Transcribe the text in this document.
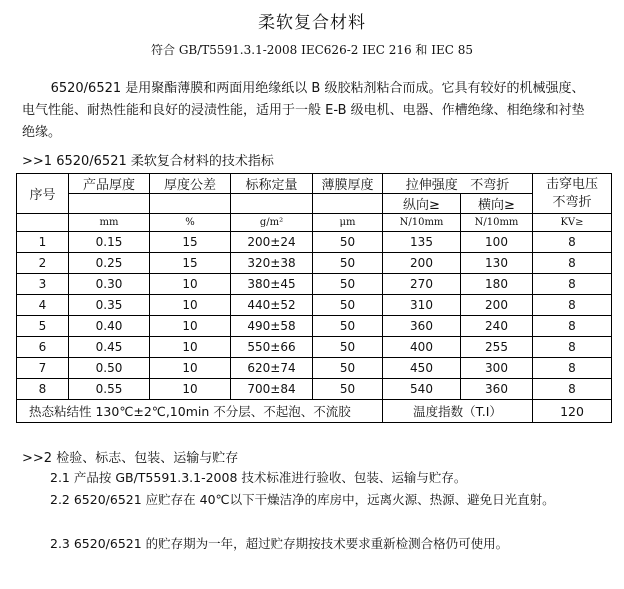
柔软复合材料
符合 GB/T5591.3.1-2008 IEC626-2 IEC 216 和 IEC 85
6520/6521 是用聚酯薄膜和两面用绝缘纸以 B 级胶粘剂粘合而成。它具有较好的机械强度、电气性能、耐热性能和良好的浸渍性能，适用于一般 E-B 级电机、电器、作槽绝缘、相绝缘和衬垫绝缘。
>>1 6520/6521 柔软复合材料的技术指标
序号	产品厚度	厚度公差	标称定量	薄膜厚度	拉伸强度   不弯折		击穿电压
不弯折
					纵向≥	横向≥	
	mm	%	g/m²	μm	N/10mm	N/10mm	KV≥
1	0.15	15	200±24	50	135	100	8
2	0.25	15	320±38	50	200	130	8
3	0.30	10	380±45	50	270	180	8
4	0.35	10	440±52	50	310	200	8
5	0.40	10	490±58	50	360	240	8
6	0.45	10	550±66	50	400	255	8
7	0.50	10	620±74	50	450	300	8
8	0.55	10	700±84	50	540	360	8
热态粘结性 130℃±2℃,10min 不分层、不起泡、不流胶					温度指数（T.I）		120
>>2 检验、标志、包装、运输与贮存
2.1 产品按 GB/T5591.3.1-2008 技术标准进行验收、包装、运输与贮存。
2.2 6520/6521 应贮存在 40℃以下干燥洁净的库房中，远离火源、热源、避免日光直射。
2.3 6520/6521 的贮存期为一年，超过贮存期按技术要求重新检测合格仍可使用。
